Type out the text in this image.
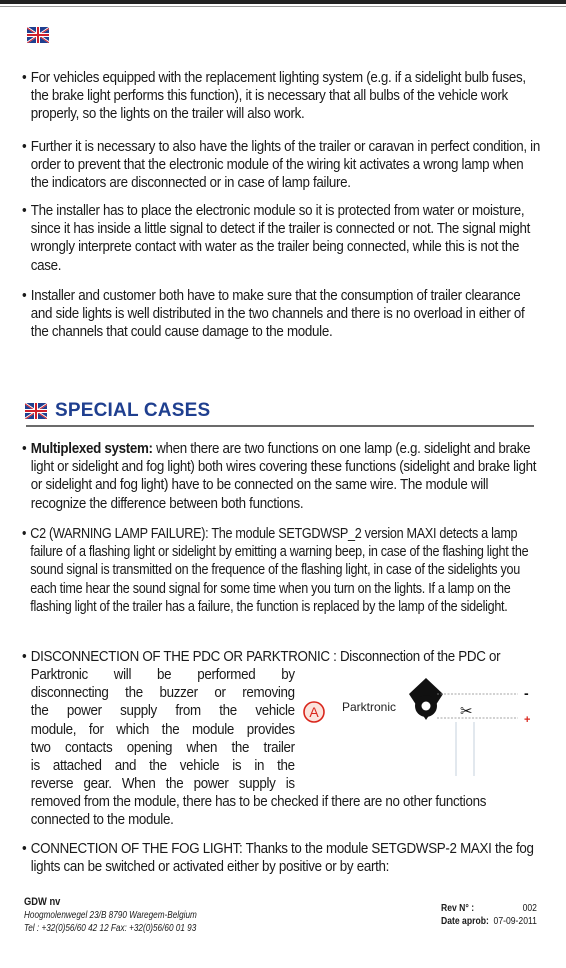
• For vehicles equipped with the replacement lighting system (e.g. if a sidelight bulb fuses, the brake light performs this function), it is necessary that all bulbs of the vehicle work properly, so the lights on the trailer will also work.
• Further it is necessary to also have the lights of the trailer or caravan in perfect condition, in order to prevent that the electronic module of the wiring kit activates a wrong lamp when the indicators are disconnected or in case of lamp failure.
• The installer has to place the electronic module so it is protected from water or moisture, since it has inside a little signal to detect if the trailer is connected or not. The signal might wrongly interprete contact with water as the trailer being connected, while this is not the case.
• Installer and customer both have to make sure that the consumption of trailer clearance and side lights is well distributed in the two channels and there is no overload in either of the channels that could cause damage to the module.
SPECIAL CASES
• Multiplexed system: when there are two functions on one lamp (e.g. sidelight and brake light or sidelight and fog light) both wires covering these functions (sidelight and brake light or sidelight and fog light) have to be connected on the same wire. The module will recognize the difference between both functions.
• C2 (WARNING LAMP FAILURE): The module SETGDWSP_2 version MAXI detects a lamp failure of a flashing light or sidelight by emitting a warning beep, in case of the flashing light the sound signal is transmitted on the frequence of the flashing light, in case of the sidelights you each time hear the sound signal for some time when you turn on the lights. If a lamp on the flashing light of the trailer has a failure, the function is replaced by the lamp of the sidelight.
• DISCONNECTION OF THE PDC OR PARKTRONIC : Disconnection of the PDC or
Parktronic will be performed by
disconnecting the buzzer or removing
the power supply from the vehicle
module, for which the module provides
two contacts opening when the trailer
is attached and the vehicle is in the
reverse gear. When the power supply is
removed from the module, there has to be checked if there are no other functions connected to the module.
A Parktronic	✂
-
+
• CONNECTION OF THE FOG LIGHT: Thanks to the module SETGDWSP-2 MAXI the fog lights can be switched or activated either by positive or by earth:
GDW nv
Hoogmolenwegel 23/B 8790 Waregem-Belgium
Tel : +32(0)56/60 42 12 Fax: +32(0)56/60 01 93
Rev N° :	002
Date aprob: 07-09-2011
